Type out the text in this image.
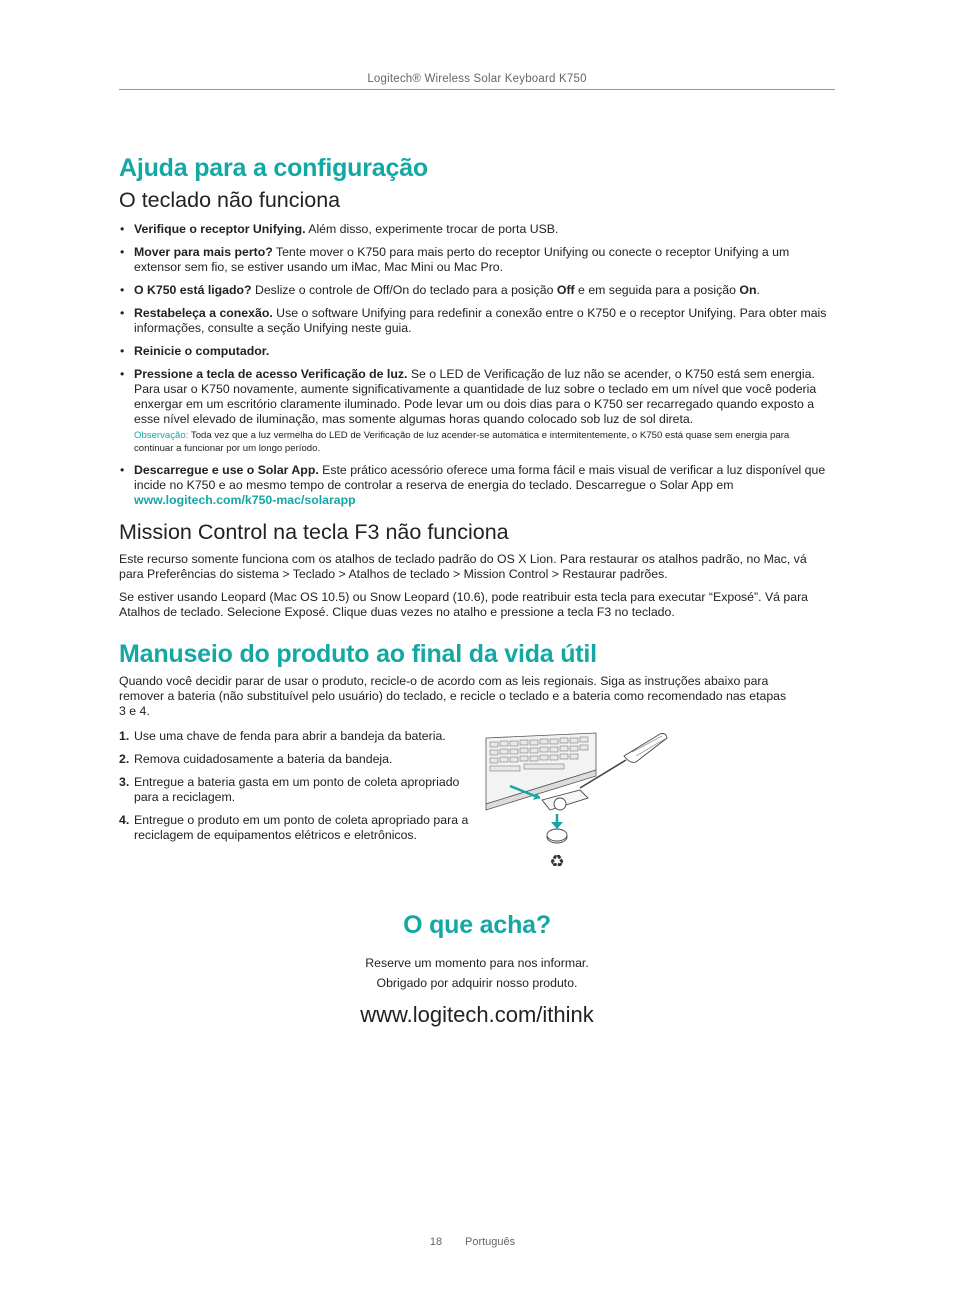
Logitech® Wireless Solar Keyboard K750
Ajuda para a configuração
O teclado não funciona
• Verifique o receptor Unifying. Além disso, experimente trocar de porta USB.
• Mover para mais perto? Tente mover o K750 para mais perto do receptor Unifying ou conecte o receptor Unifying a um extensor sem fio, se estiver usando um iMac, Mac Mini ou Mac Pro.
• O K750 está ligado? Deslize o controle de Off/On do teclado para a posição Off e em seguida para a posição On.
• Restabeleça a conexão. Use o software Unifying para redefinir a conexão entre o K750 e o receptor Unifying. Para obter mais informações, consulte a seção Unifying neste guia.
• Reinicie o computador.
• Pressione a tecla de acesso Verificação de luz. Se o LED de Verificação de luz não se acender, o K750 está sem energia. Para usar o K750 novamente, aumente significativamente a quantidade de luz sobre o teclado em um nível que você poderia enxergar em um escritório claramente iluminado. Pode levar um ou dois dias para o K750 ser recarregado quando exposto a esse nível elevado de iluminação, mas somente algumas horas quando colocado sob luz de sol direta.
Observação: Toda vez que a luz vermelha do LED de Verificação de luz acender-se automática e intermitentemente, o K750 está quase sem energia para continuar a funcionar por um longo período.
• Descarregue e use o Solar App. Este prático acessório oferece uma forma fácil e mais visual de verificar a luz disponível que incide no K750 e ao mesmo tempo de controlar a reserva de energia do teclado. Descarregue o Solar App em www.logitech.com/k750-mac/solarapp
Mission Control na tecla F3 não funciona

Este recurso somente funciona com os atalhos de teclado padrão do OS X Lion. Para restaurar os atalhos padrão, no Mac, vá para Preferências do sistema > Teclado > Atalhos de teclado > Mission Control > Restaurar padrões.

Se estiver usando Leopard (Mac OS 10.5) ou Snow Leopard (10.6), pode reatribuir esta tecla para executar “Exposé”. Vá para Atalhos de teclado. Selecione Exposé. Clique duas vezes no atalho e pressione a tecla F3 no teclado.

Manuseio do produto ao final da vida útil
Quando você decidir parar de usar o produto, recicle-o de acordo com as leis regionais. Siga as instruções abaixo para remover a bateria (não substituível pelo usuário) do teclado, e recicle o teclado e a bateria como recomendado nas etapas 3 e 4.
1. Use uma chave de fenda para abrir a bandeja da bateria.
2. Remova cuidadosamente a bateria da bandeja.
3. Entregue a bateria gasta em um ponto de coleta apropriado para a reciclagem.
4. Entregue o produto em um ponto de coleta apropriado para a reciclagem de equipamentos elétricos e eletrônicos.
♻
O que acha?
Reserve um momento para nos informar.
Obrigado por adquirir nosso produto.
www.logitech.com/ithink
18	Português
